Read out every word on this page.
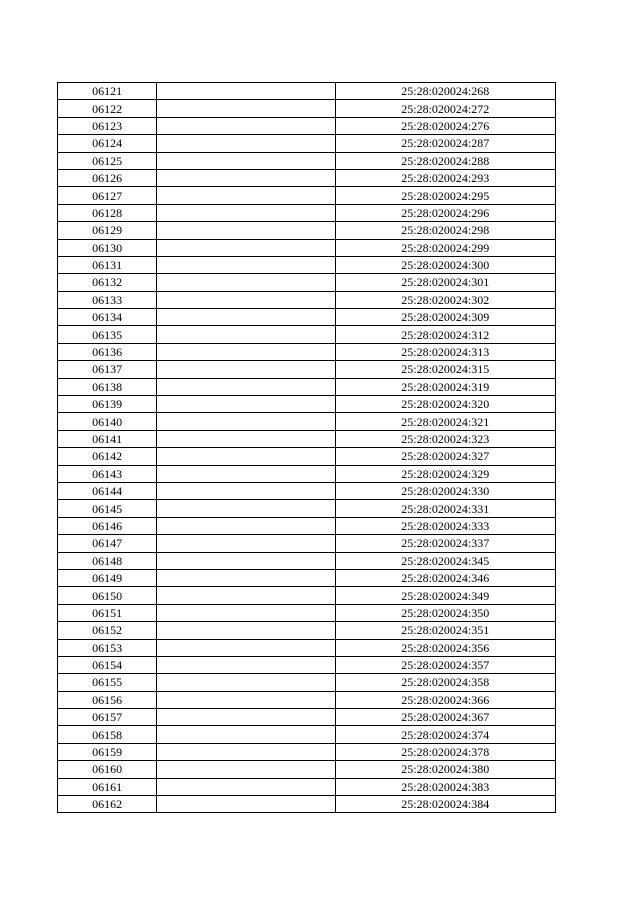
06121		25:28:020024:268
06122		25:28:020024:272
06123		25:28:020024:276
06124		25:28:020024:287
06125		25:28:020024:288
06126		25:28:020024:293
06127		25:28:020024:295
06128		25:28:020024:296
06129		25:28:020024:298
06130		25:28:020024:299
06131		25:28:020024:300
06132		25:28:020024:301
06133		25:28:020024:302
06134		25:28:020024:309
06135		25:28:020024:312
06136		25:28:020024:313
06137		25:28:020024:315
06138		25:28:020024:319
06139		25:28:020024:320
06140		25:28:020024:321
06141		25:28:020024:323
06142		25:28:020024:327
06143		25:28:020024:329
06144		25:28:020024:330
06145		25:28:020024:331
06146		25:28:020024:333
06147		25:28:020024:337
06148		25:28:020024:345
06149		25:28:020024:346
06150		25:28:020024:349
06151		25:28:020024:350
06152		25:28:020024:351
06153		25:28:020024:356
06154		25:28:020024:357
06155		25:28:020024:358
06156		25:28:020024:366
06157		25:28:020024:367
06158		25:28:020024:374
06159		25:28:020024:378
06160		25:28:020024:380
06161		25:28:020024:383
06162		25:28:020024:384
